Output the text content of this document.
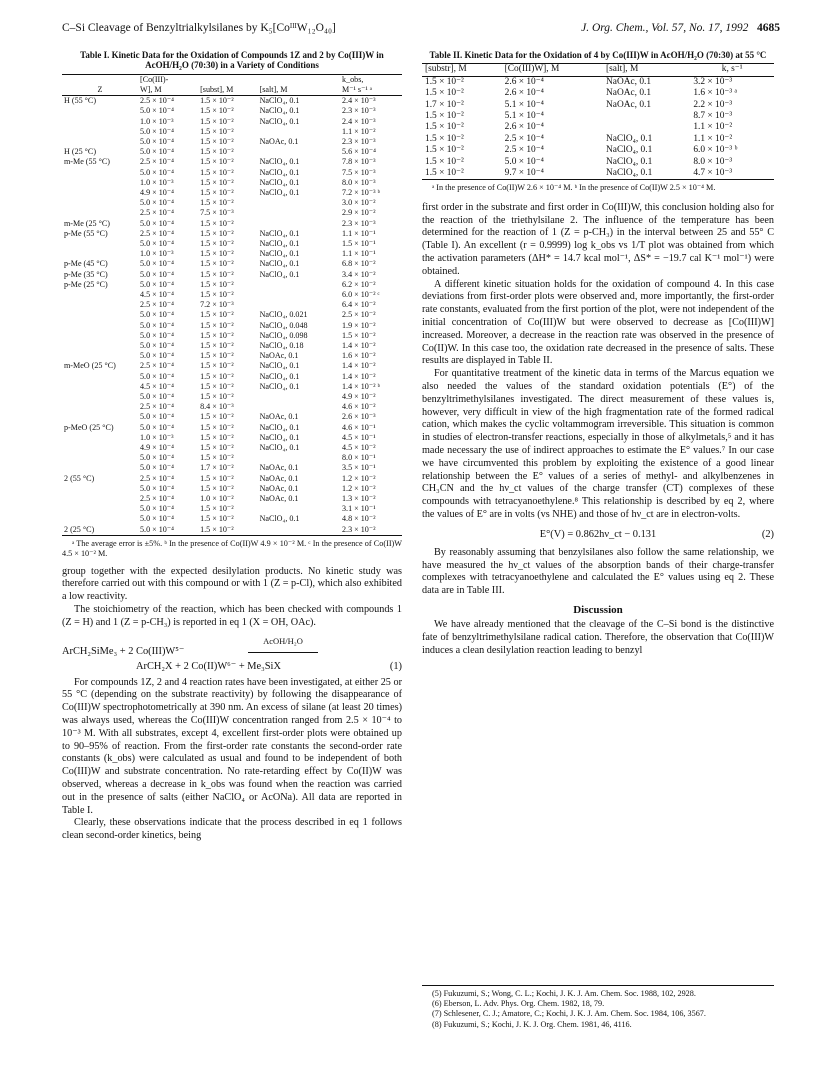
C–Si Cleavage of Benzyltrialkylsilanes by K₅[CoᴵᴵᴵW₁₂O₄₀]	J. Org. Chem., Vol. 57, No. 17, 1992 4685
Table I. Kinetic Data for the Oxidation of Compounds 1Z and 2 by Co(III)W in AcOH/H₂O (70:30) in a Variety of Conditions
	[Co(III)-			k_obs,
Z	W], M	[subst], M	[salt], M	M⁻¹ s⁻¹ ᵃ
H (55 °C)	2.5 × 10⁻⁴	1.5 × 10⁻²	NaClO₄, 0.1	2.4 × 10⁻³
	5.0 × 10⁻⁴	1.5 × 10⁻²	NaClO₄, 0.1	2.3 × 10⁻³
	1.0 × 10⁻³	1.5 × 10⁻²	NaClO₄, 0.1	2.4 × 10⁻³
	5.0 × 10⁻⁴	1.5 × 10⁻²		1.1 × 10⁻²
	5.0 × 10⁻⁴	1.5 × 10⁻²	NaOAc, 0.1	2.3 × 10⁻³
H (25 °C)	5.0 × 10⁻⁴	1.5 × 10⁻²		5.6 × 10⁻⁴
m-Me (55 °C)	2.5 × 10⁻⁴	1.5 × 10⁻²	NaClO₄, 0.1	7.8 × 10⁻³
	5.0 × 10⁻⁴	1.5 × 10⁻²	NaClO₄, 0.1	7.5 × 10⁻³
	1.0 × 10⁻³	1.5 × 10⁻²	NaClO₄, 0.1	8.0 × 10⁻³
	4.9 × 10⁻⁴	1.5 × 10⁻²	NaClO₄, 0.1	7.2 × 10⁻³ ᵇ
	5.0 × 10⁻⁴	1.5 × 10⁻²		3.0 × 10⁻²
	2.5 × 10⁻⁴	7.5 × 10⁻³		2.9 × 10⁻²
m-Me (25 °C)	5.0 × 10⁻⁴	1.5 × 10⁻²		2.3 × 10⁻³
p-Me (55 °C)	2.5 × 10⁻⁴	1.5 × 10⁻²	NaClO₄, 0.1	1.1 × 10⁻¹
	5.0 × 10⁻⁴	1.5 × 10⁻²	NaClO₄, 0.1	1.5 × 10⁻¹
	1.0 × 10⁻³	1.5 × 10⁻²	NaClO₄, 0.1	1.1 × 10⁻¹
p-Me (45 °C)	5.0 × 10⁻⁴	1.5 × 10⁻²	NaClO₄, 0.1	6.8 × 10⁻²
p-Me (35 °C)	5.0 × 10⁻⁴	1.5 × 10⁻²	NaClO₄, 0.1	3.4 × 10⁻²
p-Me (25 °C)	5.0 × 10⁻⁴	1.5 × 10⁻²		6.2 × 10⁻²
	4.5 × 10⁻⁴	1.5 × 10⁻²		6.0 × 10⁻² ᶜ
	2.5 × 10⁻⁴	7.2 × 10⁻³		6.4 × 10⁻²
	5.0 × 10⁻⁴	1.5 × 10⁻²	NaClO₄, 0.021	2.5 × 10⁻²
	5.0 × 10⁻⁴	1.5 × 10⁻²	NaClO₄, 0.048	1.9 × 10⁻²
	5.0 × 10⁻⁴	1.5 × 10⁻²	NaClO₄, 0.098	1.5 × 10⁻²
	5.0 × 10⁻⁴	1.5 × 10⁻²	NaClO₄, 0.18	1.4 × 10⁻²
	5.0 × 10⁻⁴	1.5 × 10⁻²	NaOAc, 0.1	1.6 × 10⁻²
m-MeO (25 °C)	2.5 × 10⁻⁴	1.5 × 10⁻²	NaClO₄, 0.1	1.4 × 10⁻²
	5.0 × 10⁻⁴	1.5 × 10⁻²	NaClO₄, 0.1	1.4 × 10⁻²
	4.5 × 10⁻⁴	1.5 × 10⁻²	NaClO₄, 0.1	1.4 × 10⁻² ᵇ
	5.0 × 10⁻⁴	1.5 × 10⁻²		4.9 × 10⁻²
	2.5 × 10⁻⁴	8.4 × 10⁻³		4.6 × 10⁻²
	5.0 × 10⁻⁴	1.5 × 10⁻²	NaOAc, 0.1	2.6 × 10⁻³
p-MeO (25 °C)	5.0 × 10⁻⁴	1.5 × 10⁻²	NaClO₄, 0.1	4.6 × 10⁻¹
	1.0 × 10⁻³	1.5 × 10⁻²	NaClO₄, 0.1	4.5 × 10⁻¹
	4.9 × 10⁻⁴	1.5 × 10⁻²	NaClO₄, 0.1	4.5 × 10⁻²
	5.0 × 10⁻⁴	1.5 × 10⁻²		8.0 × 10⁻¹
	5.0 × 10⁻⁴	1.7 × 10⁻²	NaOAc, 0.1	3.5 × 10⁻¹
2 (55 °C)	2.5 × 10⁻⁴	1.5 × 10⁻²	NaOAc, 0.1	1.2 × 10⁻²
	5.0 × 10⁻⁴	1.5 × 10⁻²	NaOAc, 0.1	1.2 × 10⁻²
	2.5 × 10⁻⁴	1.0 × 10⁻²	NaOAc, 0.1	1.3 × 10⁻²
	5.0 × 10⁻⁴	1.5 × 10⁻²		3.1 × 10⁻¹
	5.0 × 10⁻⁴	1.5 × 10⁻²	NaClO₄, 0.1	4.8 × 10⁻²
2 (25 °C)	5.0 × 10⁻⁴	1.5 × 10⁻²		2.3 × 10⁻²
ᵃ The average error is ±5%. ᵇ In the presence of Co(II)W 4.9 × 10⁻² M. ᶜ In the presence of Co(II)W 4.5 × 10⁻² M.
group together with the expected desilylation products. No kinetic study was therefore carried out with this compound or with 1 (Z = p-Cl), which also exhibited a low reactivity.
The stoichiometry of the reaction, which has been checked with compounds 1 (Z = H) and 1 (Z = p-CH₃) is reported in eq 1 (X = OH, OAc).
ArCH₂SiMe₃ + 2 Co(III)W⁵⁻
AcOH/H₂O
ArCH₂X + 2 Co(II)W⁶⁻ + Me₃SiX	(1)
For compounds 1Z, 2 and 4 reaction rates have been investigated, at either 25 or 55 °C (depending on the substrate reactivity) by following the disappearance of Co(III)W spectrophotometrically at 390 nm. An excess of silane (at least 20 times) was always used, whereas the Co(III)W concentration ranged from 2.5 × 10⁻⁴ to 10⁻³ M. With all substrates, except 4, excellent first-order plots were obtained up to 90–95% of reaction. From the first-order rate constants the second-order rate constants (k_obs) were calculated as usual and found to be independent of both Co(III)W and substrate concentration. No rate-retarding effect by Co(II)W was observed, whereas a decrease in k_obs was found when the reaction was carried out in the presence of salts (either NaClO₄ or AcONa). All data are reported in Table I.
Clearly, these observations indicate that the process described in eq 1 follows clean second-order kinetics, being
Table II. Kinetic Data for the Oxidation of 4 by Co(III)W in AcOH/H₂O (70:30) at 55 °C
[substr], M	[Co(III)W], M	[salt], M	k, s⁻¹
1.5 × 10⁻²	2.6 × 10⁻⁴	NaOAc, 0.1	3.2 × 10⁻³
1.5 × 10⁻²	2.6 × 10⁻⁴	NaOAc, 0.1	1.6 × 10⁻³ ᵃ
1.7 × 10⁻²	5.1 × 10⁻⁴	NaOAc, 0.1	2.2 × 10⁻³
1.5 × 10⁻²	5.1 × 10⁻⁴		8.7 × 10⁻³
1.5 × 10⁻²	2.6 × 10⁻⁴		1.1 × 10⁻²
1.5 × 10⁻²	2.5 × 10⁻⁴	NaClO₄, 0.1	1.1 × 10⁻²
1.5 × 10⁻²	2.5 × 10⁻⁴	NaClO₄, 0.1	6.0 × 10⁻³ ᵇ
1.5 × 10⁻²	5.0 × 10⁻⁴	NaClO₄, 0.1	8.0 × 10⁻³
1.5 × 10⁻²	9.7 × 10⁻⁴	NaClO₄, 0.1	4.7 × 10⁻³
ᵃ In the presence of Co(II)W 2.6 × 10⁻⁴ M. ᵇ In the presence of Co(II)W 2.5 × 10⁻⁴ M.
first order in the substrate and first order in Co(III)W, this conclusion holding also for the reaction of the triethylsilane 2. The influence of the temperature has been determined for the reaction of 1 (Z = p-CH₃) in the interval between 25 and 55° C (Table I). An excellent (r = 0.9999) log k_obs vs 1/T plot was obtained from which the activation parameters (ΔH* = 14.7 kcal mol⁻¹, ΔS* = −19.7 cal K⁻¹ mol⁻¹) were obtained.
A different kinetic situation holds for the oxidation of compound 4. In this case deviations from first-order plots were observed and, more importantly, the first-order rate constants, evaluated from the first portion of the plot, were not independent of the initial concentration of Co(III)W but were observed to decrease as [Co(III)W] increased. Moreover, a decrease in the reaction rate was observed in the presence of Co(II)W. In this case too, the oxidation rate decreased in the presence of salts. These results are displayed in Table II.
For quantitative treatment of the kinetic data in terms of the Marcus equation we also needed the values of the standard oxidation potentials (E°) of the benzyltrimethylsilanes investigated. The direct measurement of these values is, however, very difficult in view of the high fragmentation rate of the formed radical cation, which makes the cyclic voltammogram irreversible. This situation is common in studies of electron-transfer reactions, especially in those of alkylmetals,⁵ and it has made necessary the use of indirect approaches to estimate the E° values.⁷ In our case we have circumvented this problem by exploiting the existence of a good linear relationship between the E° values of a series of methyl- and alkylbenzenes in CH₃CN and the hν_ct values of the charge transfer (CT) complexes of these compounds with tetracyanoethylene.⁸ This relationship is described by eq 2, where the values of E° are in volts (vs NHE) and those of hν_ct are in electron-volts.
E°(V) = 0.862hν_ct − 0.131	(2)
By reasonably assuming that benzylsilanes also follow the same relationship, we have measured the hν_ct values of the absorption bands of their charge-transfer complexes with tetracyanoethylene and calculated the E° values using eq 2. These data are in Table III.
Discussion
We have already mentioned that the cleavage of the C–Si bond is the distinctive fate of benzyltrimethylsilane radical cation. Therefore, the observation that Co(III)W induces a clean desilylation reaction leading to benzyl
(5) Fukuzumi, S.; Wong, C. L.; Kochi, J. K. J. Am. Chem. Soc. 1988, 102, 2928.
(6) Eberson, L. Adv. Phys. Org. Chem. 1982, 18, 79.
(7) Schlesener, C. J.; Amatore, C.; Kochi, J. K. J. Am. Chem. Soc. 1984, 106, 3567.
(8) Fukuzumi, S.; Kochi, J. K. J. Org. Chem. 1981, 46, 4116.
